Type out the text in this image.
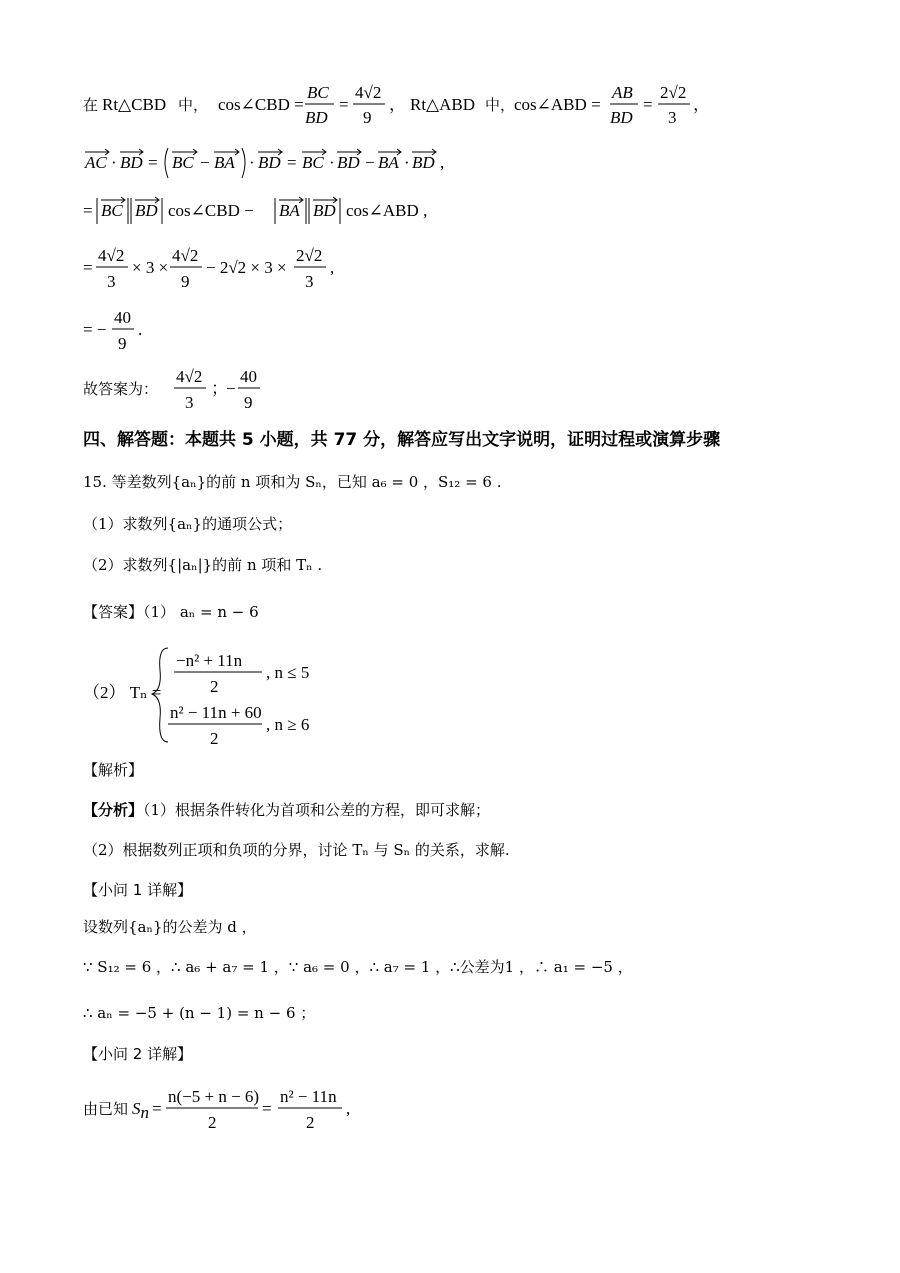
在 Rt△CBD 中， cos∠CBD =
BC
BD
=
4√2
9
， Rt△ABD 中，
cos∠ABD =
AB
BD
=
2√2
3
，
AC · BD = BC − BA · BD = BC · BD − BA · BD ,
= BC BD cos∠CBD − BA BD cos∠ABD ,
=
4√2
3
× 3 ×
4√2
9
− 2√2 × 3 ×
2√2
3
,
= −
40
9
.
故答案为：
4√2
3
；
−
40
9
四、解答题：本题共 5 小题，共 77 分，解答应写出文字说明，证明过程或演算步骤
15. 等差数列{aₙ}的前 n 项和为 Sₙ，已知 a₆ = 0 ，S₁₂ = 6 .
（1）求数列{aₙ}的通项公式；
（2）求数列{|aₙ|}的前 n 项和 Tₙ .
【答案】（1） aₙ = n − 6
（2） Tₙ =
−n² + 11n
2
, n ≤ 5
n² − 11n + 60
2
, n ≥ 6
【解析】
【分析】（1）根据条件转化为首项和公差的方程，即可求解；
（2）根据数列正项和负项的分界，讨论 Tₙ 与 Sₙ 的关系，求解.
【小问 1 详解】
设数列{aₙ}的公差为 d ，
∵ S₁₂ = 6 ，∴ a₆ + a₇ = 1 ，∵ a₆ = 0 ，∴ a₇ = 1 ，∴公差为1 ，∴ a₁ = −5 ，
∴ aₙ = −5 + (n − 1) = n − 6 ；
【小问 2 详解】
由已知 Sn =
n(−5 + n − 6)
2
=
n² − 11n
2
,
